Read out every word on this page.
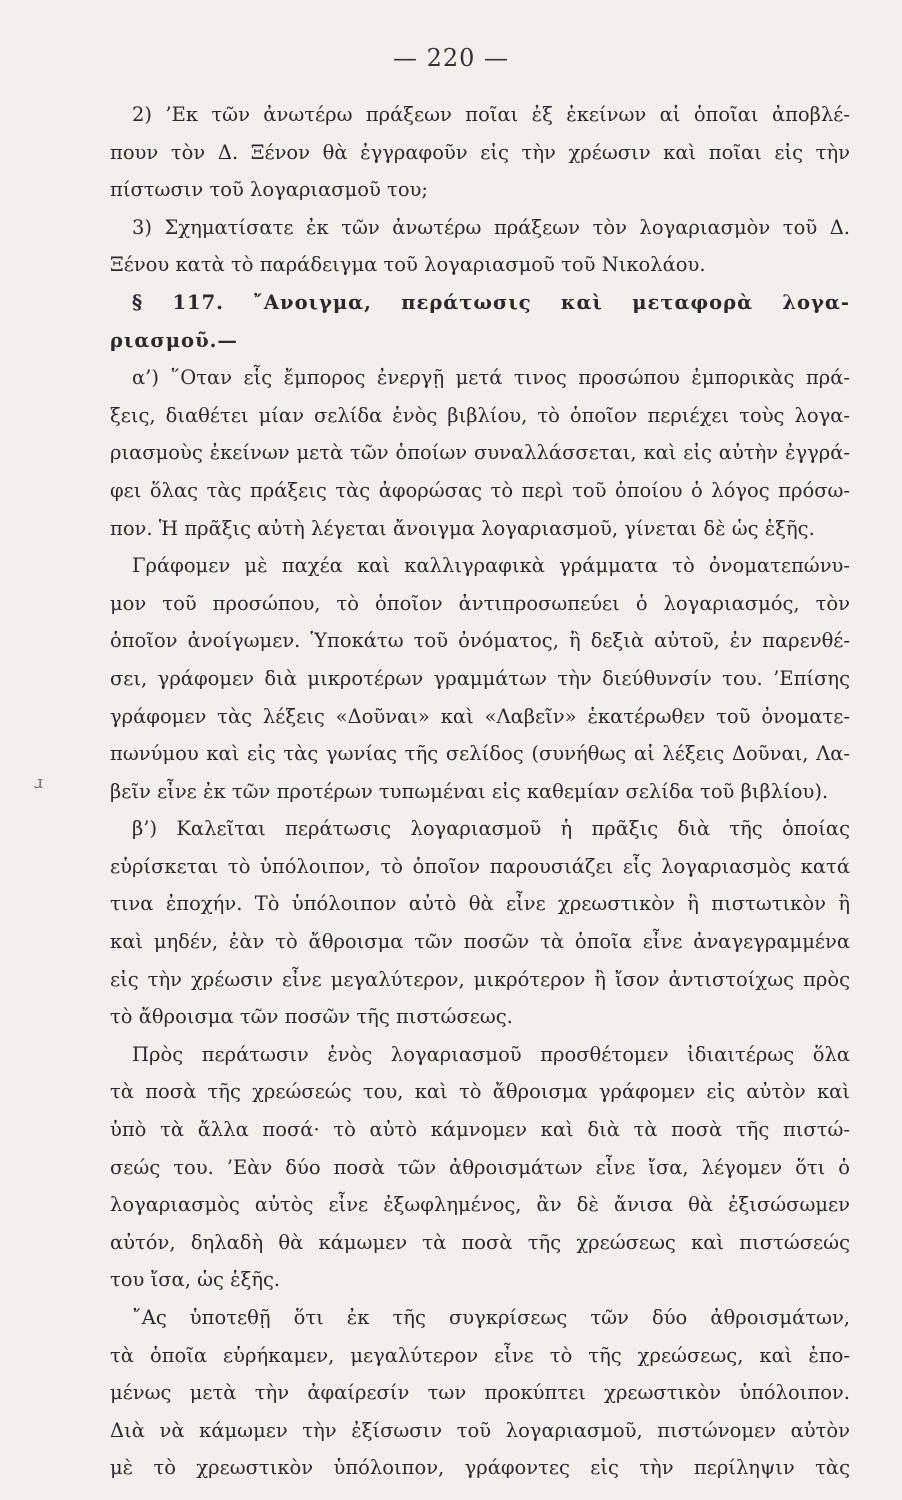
— 220 —
ɹ
2) ’Εκ τῶν ἀνωτέρω πράξεων ποῖαι ἐξ ἐκείνων αἱ ὁποῖαι ἀποβλέ-
πουν τὸν Δ. Ξένον θὰ ἐγγραφοῦν εἰς τὴν χρέωσιν καὶ ποῖαι εἰς τὴν
πίστωσιν τοῦ λογαριασμοῦ του;
3) Σχηματίσατε ἐκ τῶν ἀνωτέρω πράξεων τὸν λογαριασμὸν τοῦ Δ.
Ξένου κατὰ τὸ παράδειγμα τοῦ λογαριασμοῦ τοῦ Νικολάου.
§ 117. ῎Ανοιγμα, περάτωσις καὶ μεταφορὰ λογα-
ριασμοῦ.—
α’) ῞Οταν εἷς ἔμπορος ἐνεργῇ μετά τινος προσώπου ἐμπορικὰς πρά-
ξεις, διαθέτει μίαν σελίδα ἑνὸς βιβλίου, τὸ ὁποῖον περιέχει τοὺς λογα-
ριασμοὺς ἐκείνων μετὰ τῶν ὁποίων συναλλάσσεται, καὶ εἰς αὐτὴν ἐγγρά-
φει ὅλας τὰς πράξεις τὰς ἀφορώσας τὸ περὶ τοῦ ὁποίου ὁ λόγος πρόσω-
πον. Ἡ πρᾶξις αὐτὴ λέγεται ἄνοιγμα λογαριασμοῦ, γίνεται δὲ ὡς ἑξῆς.
Γράφομεν μὲ παχέα καὶ καλλιγραφικὰ γράμματα τὸ ὀνοματεπώνυ-
μον τοῦ προσώπου, τὸ ὁποῖον ἀντιπροσωπεύει ὁ λογαριασμός, τὸν
ὁποῖον ἀνοίγωμεν. Ὑποκάτω τοῦ ὀνόματος, ἢ δεξιὰ αὐτοῦ, ἐν παρενθέ-
σει, γράφομεν διὰ μικροτέρων γραμμάτων τὴν διεύθυνσίν του. ’Επίσης
γράφομεν τὰς λέξεις «Δοῦναι» καὶ «Λαβεῖν» ἑκατέρωθεν τοῦ ὀνοματε-
πωνύμου καὶ εἰς τὰς γωνίας τῆς σελίδος (συνήθως αἱ λέξεις Δοῦναι, Λα-
βεῖν εἶνε ἐκ τῶν προτέρων τυπωμέναι εἰς καθεμίαν σελίδα τοῦ βιβλίου).
β’) Καλεῖται περάτωσις λογαριασμοῦ ἡ πρᾶξις διὰ τῆς ὁποίας
εὑρίσκεται τὸ ὑπόλοιπον, τὸ ὁποῖον παρουσιάζει εἷς λογαριασμὸς κατά
τινα ἐποχήν. Τὸ ὑπόλοιπον αὐτὸ θὰ εἶνε χρεωστικὸν ἢ πιστωτικὸν ἢ
καὶ μηδέν, ἐὰν τὸ ἄθροισμα τῶν ποσῶν τὰ ὁποῖα εἶνε ἀναγεγραμμένα
εἰς τὴν χρέωσιν εἶνε μεγαλύτερον, μικρότερον ἢ ἴσον ἀντιστοίχως πρὸς
τὸ ἄθροισμα τῶν ποσῶν τῆς πιστώσεως.
Πρὸς περάτωσιν ἑνὸς λογαριασμοῦ προσθέτομεν ἰδιαιτέρως ὅλα
τὰ ποσὰ τῆς χρεώσεώς του, καὶ τὸ ἄθροισμα γράφομεν εἰς αὐτὸν καὶ
ὑπὸ τὰ ἄλλα ποσά· τὸ αὐτὸ κάμνομεν καὶ διὰ τὰ ποσὰ τῆς πιστώ-
σεώς του. ’Εὰν δύο ποσὰ τῶν ἀθροισμάτων εἶνε ἴσα, λέγομεν ὅτι ὁ
λογαριασμὸς αὐτὸς εἶνε ἐξωφλημένος, ἂν δὲ ἄνισα θὰ ἐξισώσωμεν
αὐτόν, δηλαδὴ θὰ κάμωμεν τὰ ποσὰ τῆς χρεώσεως καὶ πιστώσεώς
του ἴσα, ὡς ἑξῆς.
῎Ας ὑποτεθῇ ὅτι ἐκ τῆς συγκρίσεως τῶν δύο ἀθροισμάτων,
τὰ ὁποῖα εὑρήκαμεν, μεγαλύτερον εἶνε τὸ τῆς χρεώσεως, καὶ ἑπο-
μένως μετὰ τὴν ἀφαίρεσίν των προκύπτει χρεωστικὸν ὑπόλοιπον.
Διὰ νὰ κάμωμεν τὴν ἐξίσωσιν τοῦ λογαριασμοῦ, πιστώνομεν αὐτὸν
μὲ τὸ χρεωστικὸν ὑπόλοιπον, γράφοντες εἰς τὴν περίληψιν τὰς
